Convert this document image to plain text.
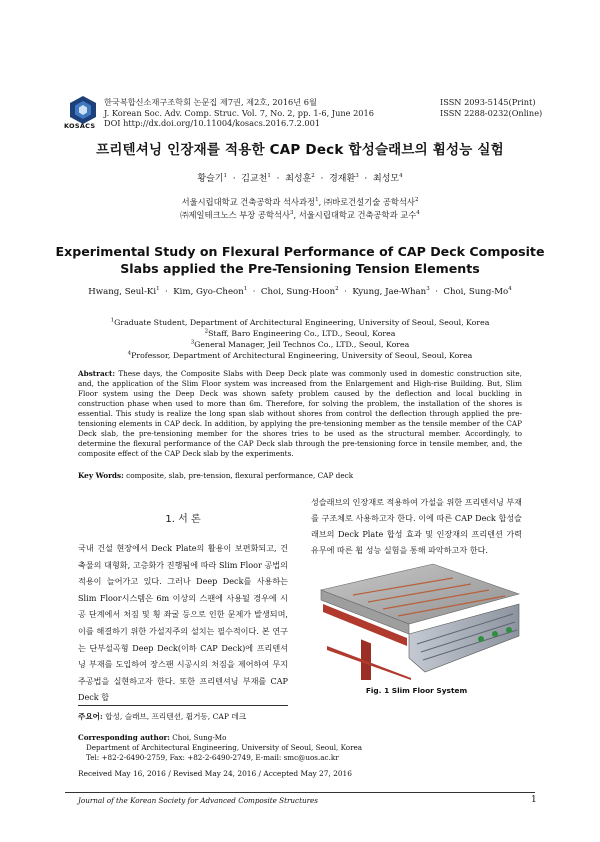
KOSACS
한국복합신소재구조학회 논문집 제7권, 제2호, 2016년 6월
J. Korean Soc. Adv. Comp. Struc. Vol. 7, No. 2, pp. 1-6, June 2016
DOI http://dx.doi.org/10.11004/kosacs.2016.7.2.001
ISSN 2093-5145(Print)
ISSN 2288-0232(Online)
프리텐셔닝 인장재를 적용한 CAP Deck 합성슬래브의 휨성능 실험
황슬기$^1$  ·  김교천$^1$  ·  최성훈$^2$  ·  경재환$^3$  ·  최성모$^4$
서울시립대학교 건축공학과 석사과정$^1$, ㈜바로건설기술 공학석사$^2$
㈜제일테크노스 부장 공학석사$^3$, 서울시립대학교 건축공학과 교수$^4$
Experimental Study on Flexural Performance of CAP Deck Composite
Slabs applied the Pre-Tensioning Tension Elements
Hwang, Seul-Ki$^1$  ·  Kim, Gyo-Cheon$^1$  ·  Choi, Sung-Hoon$^2$  ·  Kyung, Jae-Whan$^3$  ·  Choi, Sung-Mo$^4$
$^1$Graduate Student, Department of Architectural Engineering, University of Seoul, Seoul, Korea
$^2$Staff, Baro Engineering Co., LTD., Seoul, Korea
$^3$General Manager, Jeil Technos Co., LTD., Seoul, Korea
$^4$Professor, Department of Architectural Engineering, University of Seoul, Seoul, Korea
Abstract: These days, the Composite Slabs with Deep Deck plate was commonly used in domestic construction site, and, the application of the Slim Floor system was increased from the Enlargement and High-rise Building. But, Slim Floor system using the Deep Deck was shown safety problem caused by the deflection and local buckling in construction phase when used to more than 6m. Therefore, for solving the problem, the installation of the shores is essential. This study is realize the long span slab without shores from control the deflection through applied the pre-tensioning elements in CAP deck. In addition, by applying the pre-tensioning member as the tensile member of the CAP Deck slab, the pre-tensioning member for the shores tries to be used as the structural member. Accordingly, to determine the flexural performance of the CAP Deck slab through the pre-tensioning force in tensile member, and, the composite effect of the CAP Deck slab by the experiments.
Key Words: composite, slab, pre-tension, flexural performance, CAP deck
1. 서 론
국내 건설 현장에서 Deck Plate의 활용이 보편화되고, 건축물의 대형화, 고층화가 진행됨에 따라 Slim Floor 공법의 적용이 늘어가고 있다. 그러나 Deep Deck를 사용하는 Slim Floor시스템은 6m 이상의 스팬에 사용될 경우에 시공 단계에서 처짐 및 횡 좌굴 등으로 인한 문제가 발생되며, 이를 해결하기 위한 가설지주의 설치는 필수적이다. 본 연구는 단부설곡형 Deep Deck(이하 CAP Deck)에 프리텐셔닝 부재를 도입하여 장스팬 시공시의 처짐을 제어하여 무지주공법을 실현하고자 한다. 또한 프리텐셔닝 부재를 CAP Deck 합
성슬래브의 인장재로 적용하여 가설을 위한 프리텐셔닝 부재를 구조체로 사용하고자 한다. 이에 따른 CAP Deck 합성슬래브의 Deck Plate 합성 효과 및 인장재의 프리텐션 가력 유무에 따른 휨 성능 실험을 통해 파악하고자 한다.
Fig. 1 Slim Floor System
주요어: 합성, 슬래브, 프리텐션, 휨거동, CAP 데크
Corresponding author: Choi, Sung-Mo
Department of Architectural Engineering, University of Seoul, Seoul, Korea
Tel: +82-2-6490-2759, Fax: +82-2-6490-2749, E-mail: smc@uos.ac.kr
Received May 16, 2016 / Revised May 24, 2016 / Accepted May 27, 2016
Journal of the Korean Society for Advanced Composite Structures	1
